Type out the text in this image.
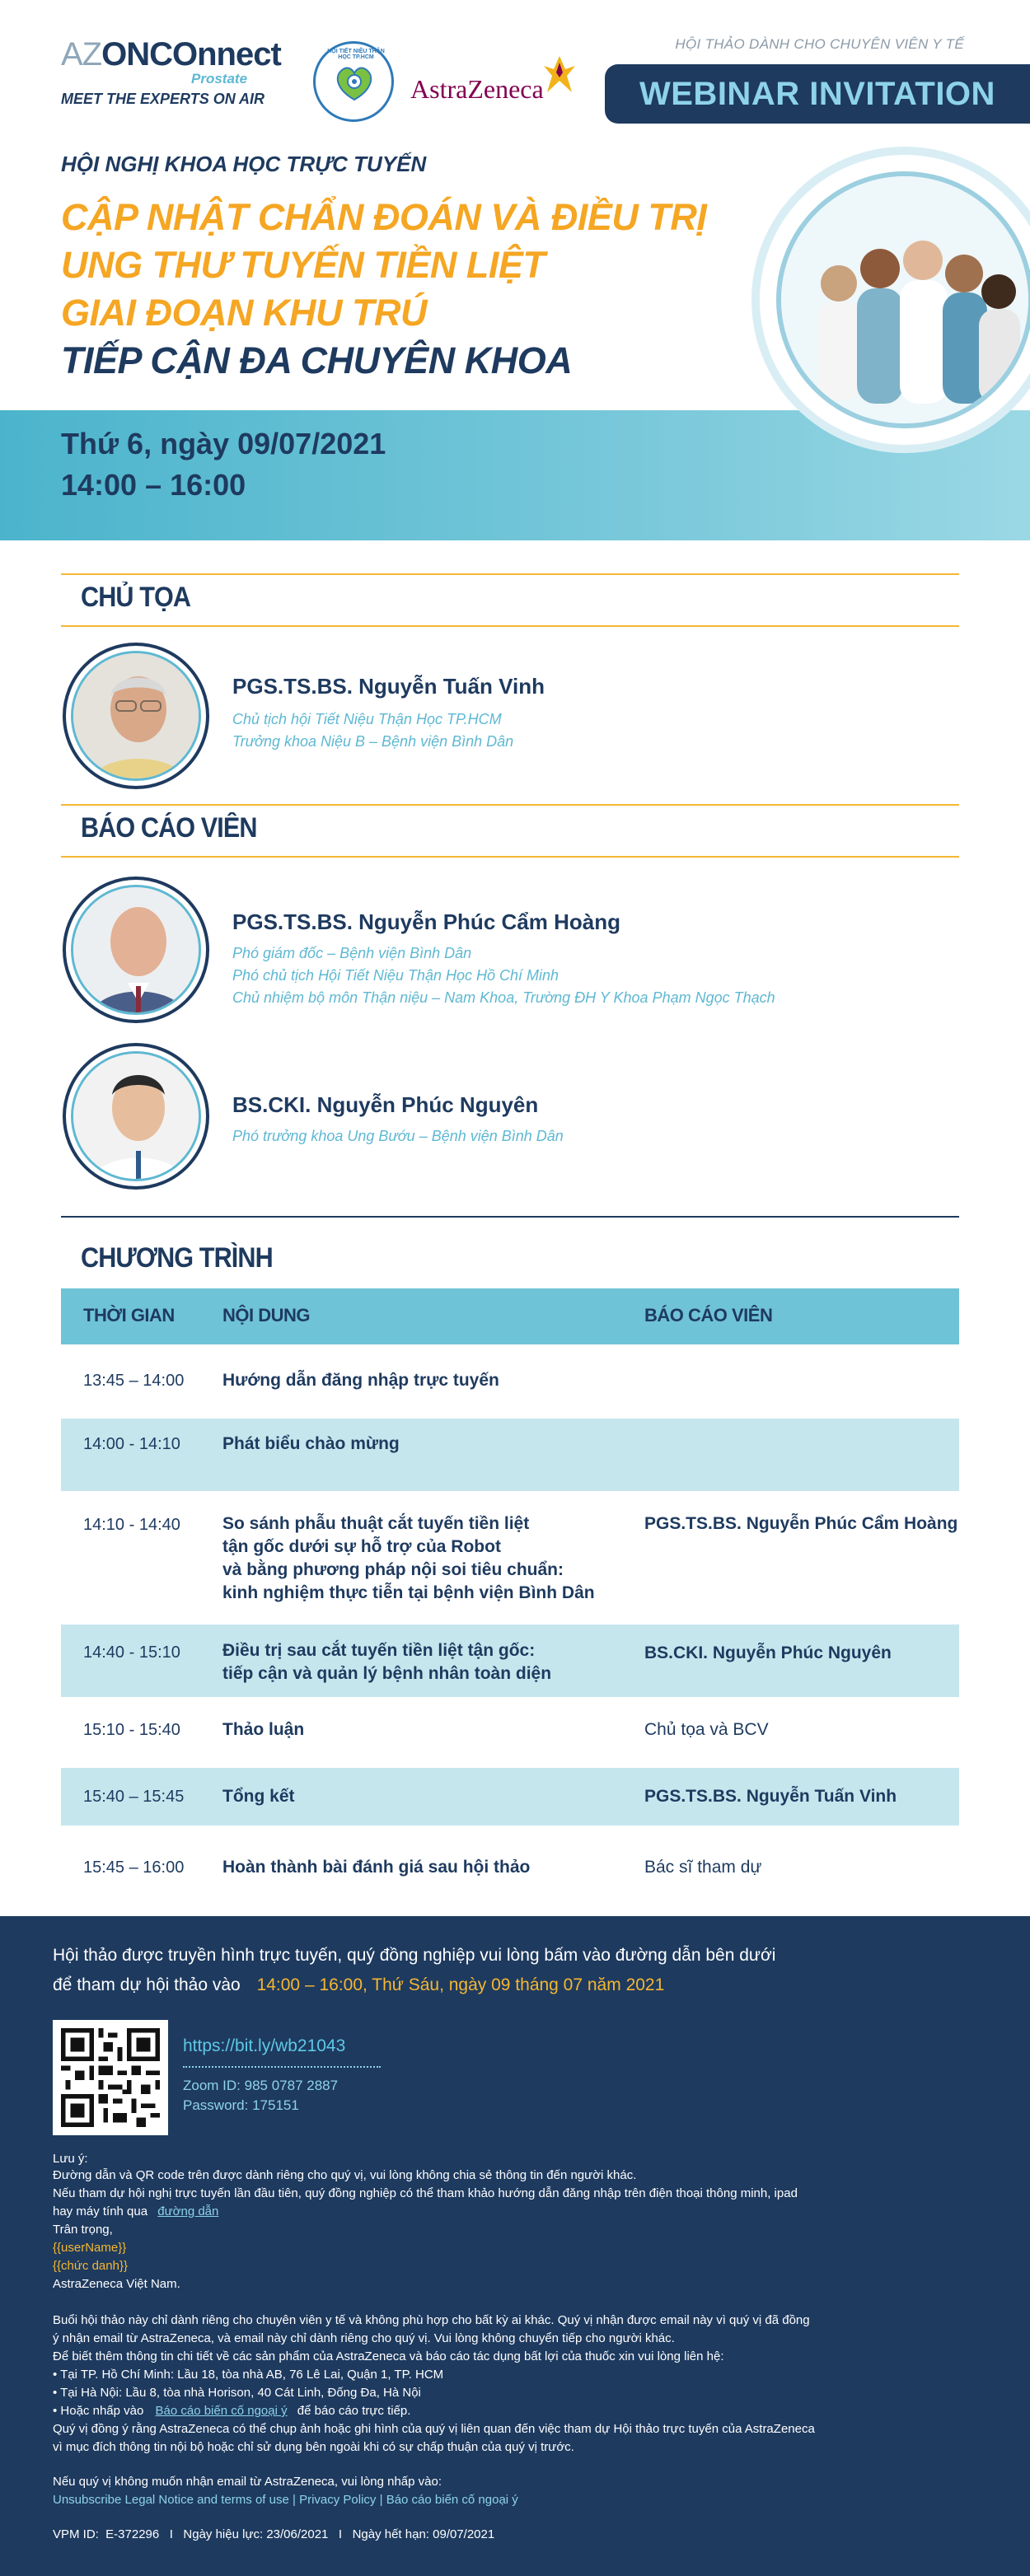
AZONCOnnect
Prostate
MEET THE EXPERTS ON AIR
HỘI TIẾT NIỆU THẬN HỌC TP.HCM
AstraZeneca
HỘI THẢO DÀNH CHO CHUYÊN VIÊN Y TẾ
WEBINAR INVITATION
HỘI NGHỊ KHOA HỌC TRỰC TUYẾN
CẬP NHẬT CHẨN ĐOÁN VÀ ĐIỀU TRỊ
UNG THƯ TUYẾN TIỀN LIỆT
GIAI ĐOẠN KHU TRÚ
TIẾP CẬN ĐA CHUYÊN KHOA
Thứ 6, ngày 09/07/2021
14:00 – 16:00
CHỦ TỌA
PGS.TS.BS. Nguyễn Tuấn Vinh
Chủ tịch hội Tiết Niệu Thận Học TP.HCM
Trưởng khoa Niệu B – Bệnh viện Bình Dân
BÁO CÁO VIÊN
PGS.TS.BS. Nguyễn Phúc Cẩm Hoàng
Phó giám đốc – Bệnh viện Bình Dân
Phó chủ tịch Hội Tiết Niệu Thận Học Hồ Chí Minh
Chủ nhiệm bộ môn Thận niệu – Nam Khoa, Trường ĐH Y Khoa Phạm Ngọc Thạch
BS.CKI. Nguyễn Phúc Nguyên
Phó trưởng khoa Ung Bướu – Bệnh viện Bình Dân
CHƯƠNG TRÌNH
THỜI GIAN	NỘI DUNG	BÁO CÁO VIÊN
13:45 – 14:00 Hướng dẫn đăng nhập trực tuyến
14:00 - 14:10 Phát biểu chào mừng
14:10 - 14:40 So sánh phẫu thuật cắt tuyến tiền liệt
tận gốc dưới sự hỗ trợ của Robot
và bằng phương pháp nội soi tiêu chuẩn:
kinh nghiệm thực tiễn tại bệnh viện Bình Dân
PGS.TS.BS. Nguyễn Phúc Cẩm Hoàng
14:40 - 15:10 Điều trị sau cắt tuyến tiền liệt tận gốc:
tiếp cận và quản lý bệnh nhân toàn diện
BS.CKI. Nguyễn Phúc Nguyên
15:10 - 15:40 Thảo luận	Chủ tọa và BCV
15:40 – 15:45 Tổng kết	PGS.TS.BS. Nguyễn Tuấn Vinh
15:45 – 16:00 Hoàn thành bài đánh giá sau hội thảo	Bác sĩ tham dự
Hội thảo được truyền hình trực tuyến, quý đồng nghiệp vui lòng bấm vào đường dẫn bên dưới
để tham dự hội thảo vào 14:00 – 16:00, Thứ Sáu, ngày 09 tháng 07 năm 2021
https://bit.ly/wb21043
Zoom ID: 985 0787 2887
Password: 175151
Lưu ý:
Đường dẫn và QR code trên được dành riêng cho quý vị, vui lòng không chia sẻ thông tin đến người khác.
Nếu tham dự hội nghị trực tuyến lần đầu tiên, quý đồng nghiệp có thể tham khảo hướng dẫn đăng nhập trên điện thoại thông minh, ipad
hay máy tính qua đường dẫn
Trân trọng,
{{userName}}
{{chức danh}}
AstraZeneca Việt Nam.
Buổi hội thảo này chỉ dành riêng cho chuyên viên y tế và không phù hợp cho bất kỳ ai khác. Quý vị nhận được email này vì quý vị đã đồng
ý nhận email từ AstraZeneca, và email này chỉ dành riêng cho quý vị. Vui lòng không chuyển tiếp cho người khác.
Để biết thêm thông tin chi tiết về các sản phẩm của AstraZeneca và báo cáo tác dụng bất lợi của thuốc xin vui lòng liên hệ:
• Tại TP. Hồ Chí Minh: Lầu 18, tòa nhà AB, 76 Lê Lai, Quận 1, TP. HCM
• Tại Hà Nội: Lầu 8, tòa nhà Horison, 40 Cát Linh, Đống Đa, Hà Nội
• Hoặc nhấp vào Báo cáo biến cố ngoại ý để báo cáo trực tiếp.
Quý vị đồng ý rằng AstraZeneca có thể chụp ảnh hoặc ghi hình của quý vị liên quan đến việc tham dự Hội thảo trực tuyến của AstraZeneca
vì mục đích thông tin nội bộ hoặc chỉ sử dụng bên ngoài khi có sự chấp thuận của quý vị trước.
Nếu quý vị không muốn nhận email từ AstraZeneca, vui lòng nhấp vào:
Unsubscribe Legal Notice and terms of use | Privacy Policy | Báo cáo biến cố ngoại ý
VPM ID:  E-372296   I   Ngày hiệu lực: 23/06/2021   I   Ngày hết hạn: 09/07/2021
